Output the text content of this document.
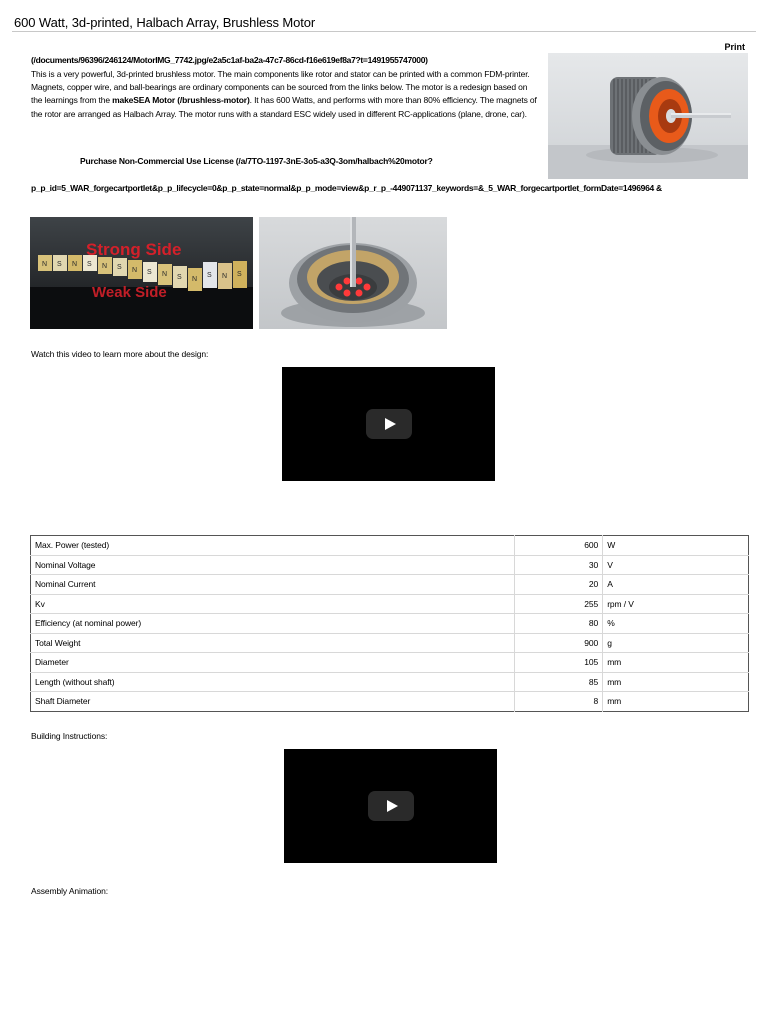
600 Watt, 3d-printed, Halbach Array, Brushless Motor
Print
(/documents/96396/246124/MotorIMG_7742.jpg/e2a5c1af-ba2a-47c7-86cd-f16e619ef8a7?t=1491955747000)

This is a very powerful, 3d-printed brushless motor. The main components like rotor and stator can be printed with a common FDM-printer. Magnets, copper wire, and ball-bearings are ordinary components can be sourced from the links below. The motor is a redesign based on the learnings from the makeSEA Motor (/brushless-motor). It has 600 Watts, and performs with more than 80% efficiency. The magnets of the rotor are arranged as Halbach Array. The motor runs with a standard ESC widely used in different RC-applications (plane, drone, car).

Purchase Non-Commercial Use License (/a/7TO-1197-3nE-3o5-a3Q-3om/halbach%20motor?
p_p_id=5_WAR_forgecartportlet&p_p_lifecycle=0&p_p_state=normal&p_p_mode=view&p_r_p_-449071137_keywords=&_5_WAR_forgecartportlet_formDate=1496964 &
N S N S N S N S N S N
S N S
Strong Side
Weak Side
Watch this video to learn more about the design:
Max. Power (tested)	600	W
Nominal Voltage	30	V
Nominal Current	20	A
Kv	255	rpm / V
Efficiency (at nominal power)	80	%
Total Weight	900	g
Diameter	105	mm
Length (without shaft)	85	mm
Shaft Diameter	8	mm
Building Instructions:
Assembly Animation:
